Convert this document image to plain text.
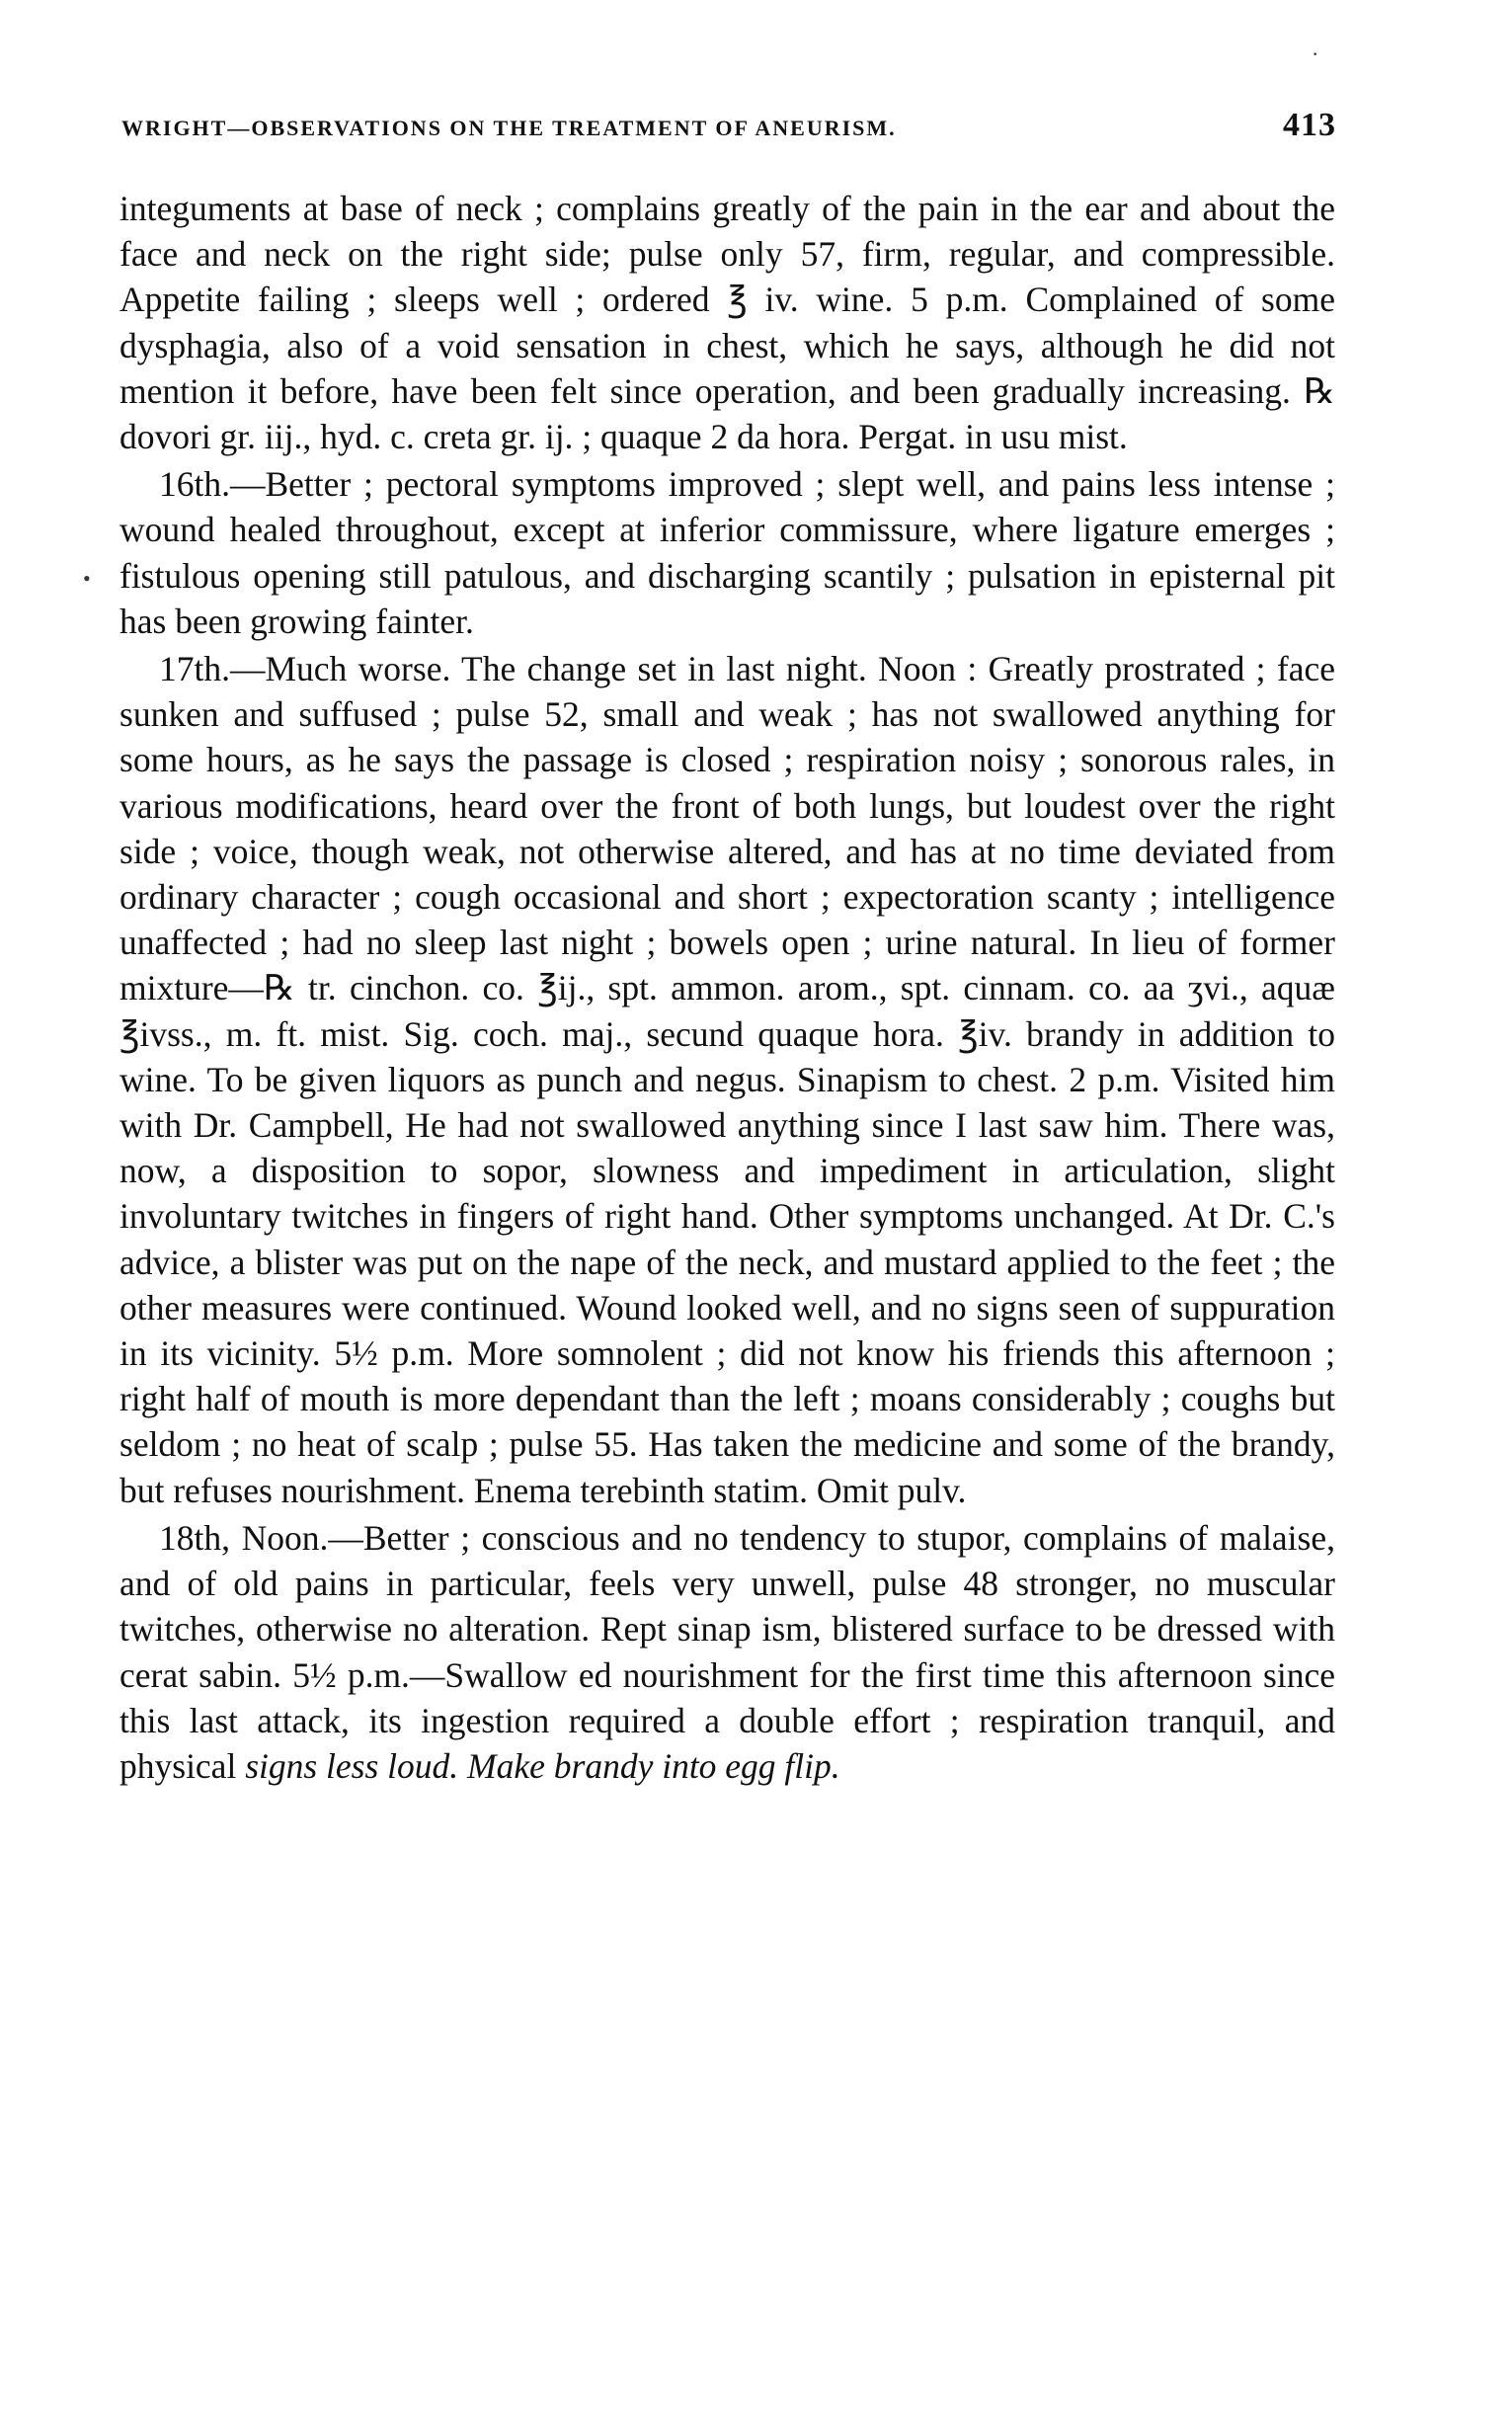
·
•
WRIGHT—OBSERVATIONS ON THE TREATMENT OF ANEURISM.	413

integuments at base of neck ; complains greatly of the pain in the ear and about the face and neck on the right side; pulse only 57, firm, regular, and compressible. Appetite failing ; sleeps well ; ordered ℥ iv. wine. 5 p.m. Complained of some dysphagia, also of a void sensation in chest, which he says, although he did not mention it before, have been felt since operation, and been gradually increasing. ℞ dovori gr. iij., hyd. c. creta gr. ij. ; quaque 2 da hora. Pergat. in usu mist.

16th.—Better ; pectoral symptoms improved ; slept well, and pains less intense ; wound healed throughout, except at inferior commissure, where ligature emerges ; fistulous opening still patulous, and discharging scantily ; pulsation in episternal pit has been growing fainter.

17th.—Much worse. The change set in last night. Noon : Greatly prostrated ; face sunken and suffused ; pulse 52, small and weak ; has not swallowed anything for some hours, as he says the passage is closed ; respiration noisy ; sonorous rales, in various modifications, heard over the front of both lungs, but loudest over the right side ; voice, though weak, not otherwise altered, and has at no time deviated from ordinary character ; cough occasional and short ; expectoration scanty ; intelligence unaffected ; had no sleep last night ; bowels open ; urine natural. In lieu of former mixture—℞ tr. cinchon. co. ℥ij., spt. ammon. arom., spt. cinnam. co. aa ʒvi., aquæ ℥ivss., m. ft. mist. Sig. coch. maj., secund quaque hora. ℥iv. brandy in addition to wine. To be given liquors as punch and negus. Sinapism to chest. 2 p.m. Visited him with Dr. Campbell, He had not swallowed anything since I last saw him. There was, now, a disposition to sopor, slowness and impediment in articulation, slight involuntary twitches in fingers of right hand. Other symptoms unchanged. At Dr. C.'s advice, a blister was put on the nape of the neck, and mustard applied to the feet ; the other measures were continued. Wound looked well, and no signs seen of suppuration in its vicinity. 5½ p.m. More somnolent ; did not know his friends this afternoon ; right half of mouth is more dependant than the left ; moans considerably ; coughs but seldom ; no heat of scalp ; pulse 55. Has taken the medicine and some of the brandy, but refuses nourishment. Enema terebinth statim. Omit pulv.

18th, Noon.—Better ; conscious and no tendency to stupor, complains of malaise, and of old pains in particular, feels very unwell, pulse 48 stronger, no muscular twitches, otherwise no alteration. Rept sinap ism, blistered surface to be dressed with cerat sabin. 5½ p.m.—Swallow ed nourishment for the first time this afternoon since this last attack, its ingestion required a double effort ; respiration tranquil, and physical signs less loud. Make brandy into egg flip.
